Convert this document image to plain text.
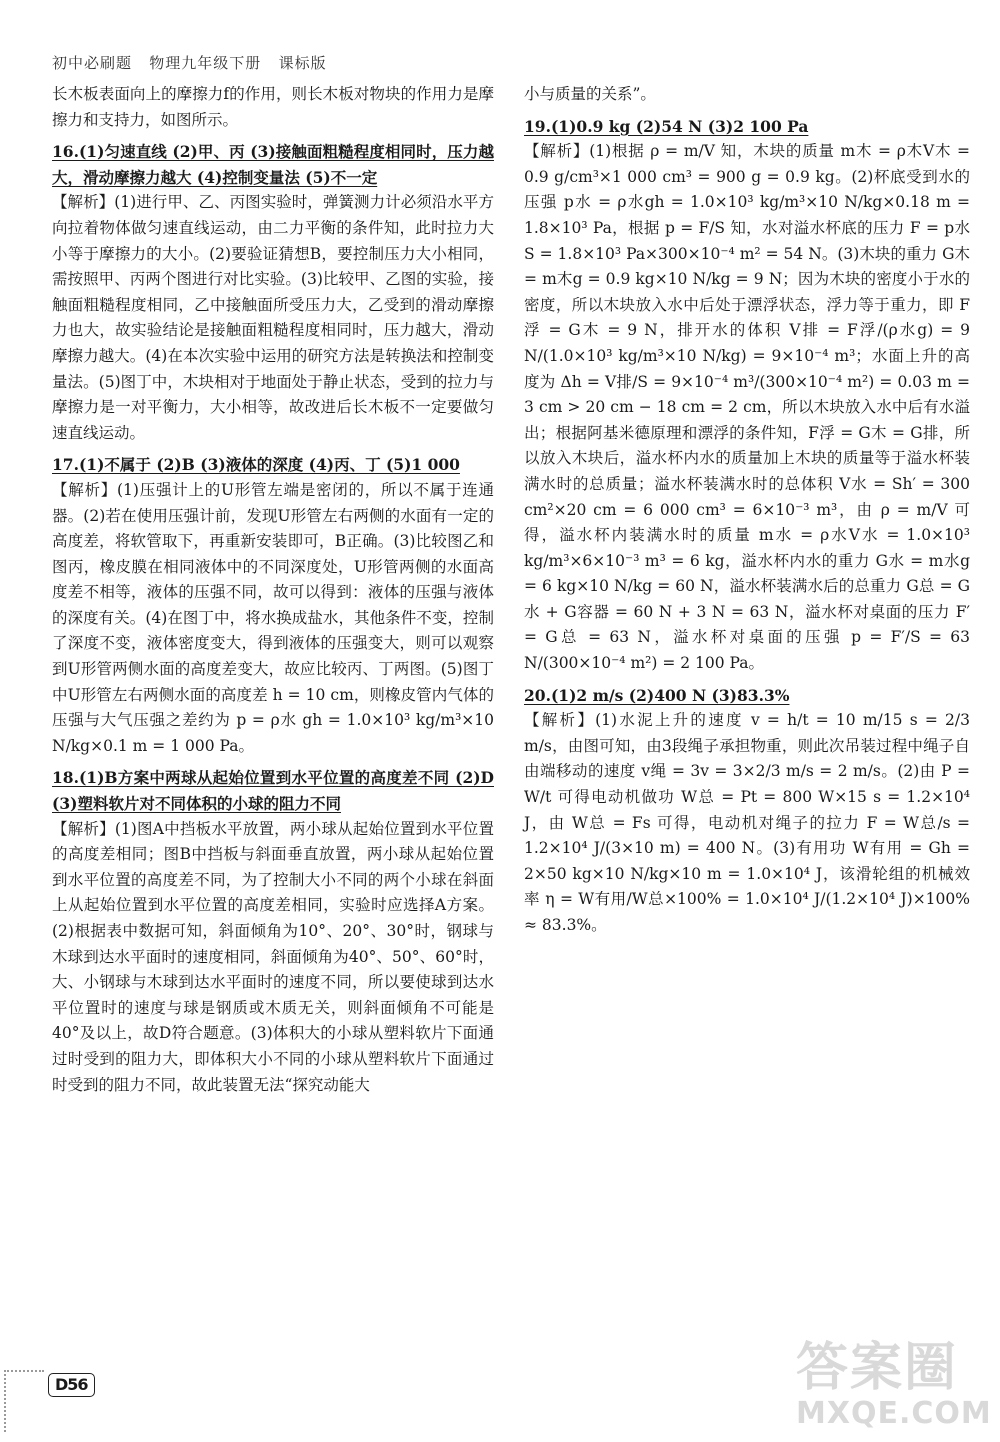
初中必刷题   物理九年级下册   课标版

长木板表面向上的摩擦力f的作用，则长木板对物块的作用力是摩擦力和支持力，如图所示。

16.(1)匀速直线 (2)甲、丙 (3)接触面粗糙程度相同时，压力越大，滑动摩擦力越大 (4)控制变量法 (5)不一定

【解析】(1)进行甲、乙、丙图实验时，弹簧测力计必须沿水平方向拉着物体做匀速直线运动，由二力平衡的条件知，此时拉力大小等于摩擦力的大小。(2)要验证猜想B，要控制压力大小相同，需按照甲、丙两个图进行对比实验。(3)比较甲、乙图的实验，接触面粗糙程度相同，乙中接触面所受压力大，乙受到的滑动摩擦力也大，故实验结论是接触面粗糙程度相同时，压力越大，滑动摩擦力越大。(4)在本次实验中运用的研究方法是转换法和控制变量法。(5)图丁中，木块相对于地面处于静止状态，受到的拉力与摩擦力是一对平衡力，大小相等，故改进后长木板不一定要做匀速直线运动。

17.(1)不属于 (2)B (3)液体的深度 (4)丙、丁 (5)1 000

【解析】(1)压强计上的U形管左端是密闭的，所以不属于连通器。(2)若在使用压强计前，发现U形管左右两侧的水面有一定的高度差，将软管取下，再重新安装即可，B正确。(3)比较图乙和图丙，橡皮膜在相同液体中的不同深度处，U形管两侧的水面高度差不相等，液体的压强不同，故可以得到：液体的压强与液体的深度有关。(4)在图丁中，将水换成盐水，其他条件不变，控制了深度不变，液体密度变大，得到液体的压强变大，则可以观察到U形管两侧水面的高度差变大，故应比较丙、丁两图。(5)图丁中U形管左右两侧水面的高度差 h = 10 cm，则橡皮管内气体的压强与大气压强之差约为 p = ρ水 gh = 1.0×10³ kg/m³×10 N/kg×0.1 m = 1 000 Pa。

18.(1)B方案中两球从起始位置到水平位置的高度差不同 (2)D (3)塑料软片对不同体积的小球的阻力不同

【解析】(1)图A中挡板水平放置，两小球从起始位置到水平位置的高度差相同；图B中挡板与斜面垂直放置，两小球从起始位置到水平位置的高度差不同，为了控制大小不同的两个小球在斜面上从起始位置到水平位置的高度差相同，实验时应选择A方案。(2)根据表中数据可知，斜面倾角为10°、20°、30°时，钢球与木球到达水平面时的速度相同，斜面倾角为40°、50°、60°时，大、小钢球与木球到达水平面时的速度不同，所以要使球到达水平位置时的速度与球是钢质或木质无关，则斜面倾角不可能是40°及以上，故D符合题意。(3)体积大的小球从塑料软片下面通过时受到的阻力大，即体积大小不同的小球从塑料软片下面通过时受到的阻力不同，故此装置无法“探究动能大

小与质量的关系”。

19.(1)0.9 kg (2)54 N (3)2 100 Pa

【解析】(1)根据 ρ = m/V 知，木块的质量 m木 = ρ木V木 = 0.9 g/cm³×1 000 cm³ = 900 g = 0.9 kg。(2)杯底受到水的压强 p水 = ρ水gh = 1.0×10³ kg/m³×10 N/kg×0.18 m = 1.8×10³ Pa，根据 p = F/S 知，水对溢水杯底的压力 F = p水S = 1.8×10³ Pa×300×10⁻⁴ m² = 54 N。(3)木块的重力 G木 = m木g = 0.9 kg×10 N/kg = 9 N；因为木块的密度小于水的密度，所以木块放入水中后处于漂浮状态，浮力等于重力，即 F浮 = G木 = 9 N，排开水的体积 V排 = F浮/(ρ水g) = 9 N/(1.0×10³ kg/m³×10 N/kg) = 9×10⁻⁴ m³；水面上升的高度为 Δh = V排/S = 9×10⁻⁴ m³/(300×10⁻⁴ m²) = 0.03 m = 3 cm > 20 cm − 18 cm = 2 cm，所以木块放入水中后有水溢出；根据阿基米德原理和漂浮的条件知，F浮 = G木 = G排，所以放入木块后，溢水杯内水的质量加上木块的质量等于溢水杯装满水时的总质量；溢水杯装满水时的总体积 V水 = Sh′ = 300 cm²×20 cm = 6 000 cm³ = 6×10⁻³ m³，由 ρ = m/V 可得，溢水杯内装满水时的质量 m水 = ρ水V水 = 1.0×10³ kg/m³×6×10⁻³ m³ = 6 kg，溢水杯内水的重力 G水 = m水g = 6 kg×10 N/kg = 60 N，溢水杯装满水后的总重力 G总 = G水 + G容器 = 60 N + 3 N = 63 N，溢水杯对桌面的压力 F′ = G总 = 63 N，溢水杯对桌面的压强 p = F′/S = 63 N/(300×10⁻⁴ m²) = 2 100 Pa。

20.(1)2 m/s (2)400 N (3)83.3%

【解析】(1)水泥上升的速度 v = h/t = 10 m/15 s = 2/3 m/s，由图可知，由3段绳子承担物重，则此次吊装过程中绳子自由端移动的速度 v绳 = 3v = 3×2/3 m/s = 2 m/s。(2)由 P = W/t 可得电动机做功 W总 = Pt = 800 W×15 s = 1.2×10⁴ J，由 W总 = Fs 可得，电动机对绳子的拉力 F = W总/s = 1.2×10⁴ J/(3×10 m) = 400 N。(3)有用功 W有用 = Gh = 2×50 kg×10 N/kg×10 m = 1.0×10⁴ J，该滑轮组的机械效率 η = W有用/W总×100% = 1.0×10⁴ J/(1.2×10⁴ J)×100% ≈ 83.3%。

D56	答案圈
MXQE.COM
